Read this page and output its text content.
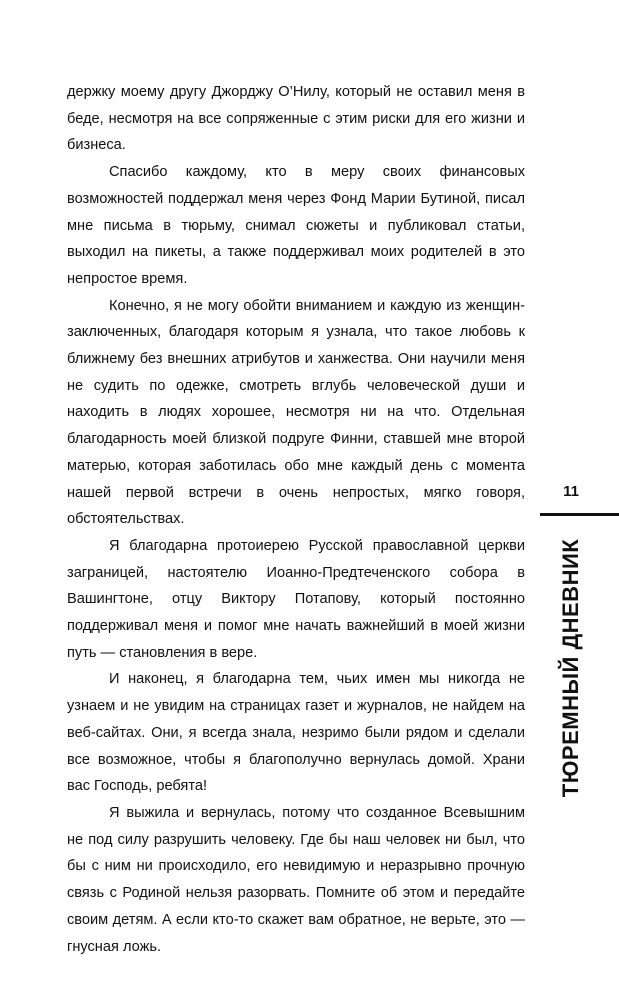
держку моему другу Джорджу О’Нилу, который не оставил меня в беде, несмотря на все сопряженные с этим риски для его жизни и бизнеса.

Спасибо каждому, кто в меру своих финансовых возможностей поддержал меня через Фонд Марии Бутиной, писал мне письма в тюрьму, снимал сюжеты и публиковал статьи, выходил на пикеты, а также поддерживал моих родителей в это непростое время.

Конечно, я не могу обойти вниманием и каждую из женщин-заключенных, благодаря которым я узнала, что такое любовь к ближнему без внешних атрибутов и ханжества. Они научили меня не судить по одежке, смотреть вглубь человеческой души и находить в людях хорошее, несмотря ни на что. Отдельная благодарность моей близкой подруге Финни, ставшей мне второй матерью, которая заботилась обо мне каждый день с момента нашей первой встречи в очень непростых, мягко говоря, обстоятельствах.

Я благодарна протоиерею Русской православной церкви заграницей, настоятелю Иоанно-Предтеченского собора в Вашингтоне, отцу Виктору Потапову, который постоянно поддерживал меня и помог мне начать важнейший в моей жизни путь — становления в вере.

И наконец, я благодарна тем, чьих имен мы никогда не узнаем и не увидим на страницах газет и журналов, не найдем на веб-сайтах. Они, я всегда знала, незримо были рядом и сделали все возможное, чтобы я благополучно вернулась домой. Храни вас Господь, ребята!

Я выжила и вернулась, потому что созданное Всевышним не под силу разрушить человеку. Где бы наш человек ни был, что бы с ним ни происходило, его невидимую и неразрывно прочную связь с Родиной нельзя разорвать. Помните об этом и передайте своим детям. А если кто-то скажет вам обратное, не верьте, это — гнусная ложь.

11
ТЮРЕМНЫЙ ДНЕВНИК
